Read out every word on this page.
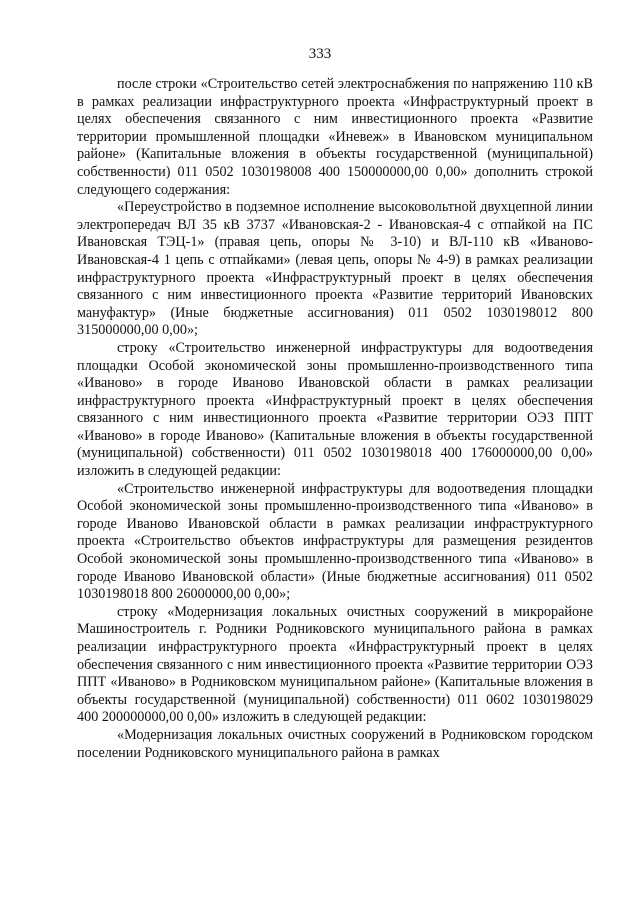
333

после строки «Строительство сетей электроснабжения по напряжению 110 кВ в рамках реализации инфраструктурного проекта «Инфраструктурный проект в целях обеспечения связанного с ним инвестиционного проекта «Развитие территории промышленной площадки «Иневеж» в Ивановском муниципальном районе» (Капитальные вложения в объекты государственной (муниципальной) собственности) 011 0502 1030198008 400 150000000,00 0,00» дополнить строкой следующего содержания:

«Переустройство в подземное исполнение высоковольтной двухцепной линии электропередач ВЛ 35 кВ 3737 «Ивановская-2 - Ивановская-4 с отпайкой на ПС Ивановская ТЭЦ-1» (правая цепь, опоры № 3-10) и ВЛ-110 кВ «Иваново-Ивановская-4 1 цепь с отпайками» (левая цепь, опоры № 4-9) в рамках реализации инфраструктурного проекта «Инфраструктурный проект в целях обеспечения связанного с ним инвестиционного проекта «Развитие территорий Ивановских мануфактур» (Иные бюджетные ассигнования) 011 0502 1030198012 800 315000000,00 0,00»;

строку «Строительство инженерной инфраструктуры для водоотведения площадки Особой экономической зоны промышленно-производственного типа «Иваново» в городе Иваново Ивановской области в рамках реализации инфраструктурного проекта «Инфраструктурный проект в целях обеспечения связанного с ним инвестиционного проекта «Развитие территории ОЭЗ ППТ «Иваново» в городе Иваново» (Капитальные вложения в объекты государственной (муниципальной) собственности) 011 0502 1030198018 400 176000000,00 0,00» изложить в следующей редакции:

«Строительство инженерной инфраструктуры для водоотведения площадки Особой экономической зоны промышленно-производственного типа «Иваново» в городе Иваново Ивановской области в рамках реализации инфраструктурного проекта «Строительство объектов инфраструктуры для размещения резидентов Особой экономической зоны промышленно-производственного типа «Иваново» в городе Иваново Ивановской области» (Иные бюджетные ассигнования) 011 0502 1030198018 800 26000000,00 0,00»;

строку «Модернизация локальных очистных сооружений в микрорайоне Машиностроитель г. Родники Родниковского муниципального района в рамках реализации инфраструктурного проекта «Инфраструктурный проект в целях обеспечения связанного с ним инвестиционного проекта «Развитие территории ОЭЗ ППТ «Иваново» в Родниковском муниципальном районе» (Капитальные вложения в объекты государственной (муниципальной) собственности) 011 0602 1030198029 400 200000000,00 0,00» изложить в следующей редакции:

«Модернизация локальных очистных сооружений в Родниковском городском поселении Родниковского муниципального района в рамках
